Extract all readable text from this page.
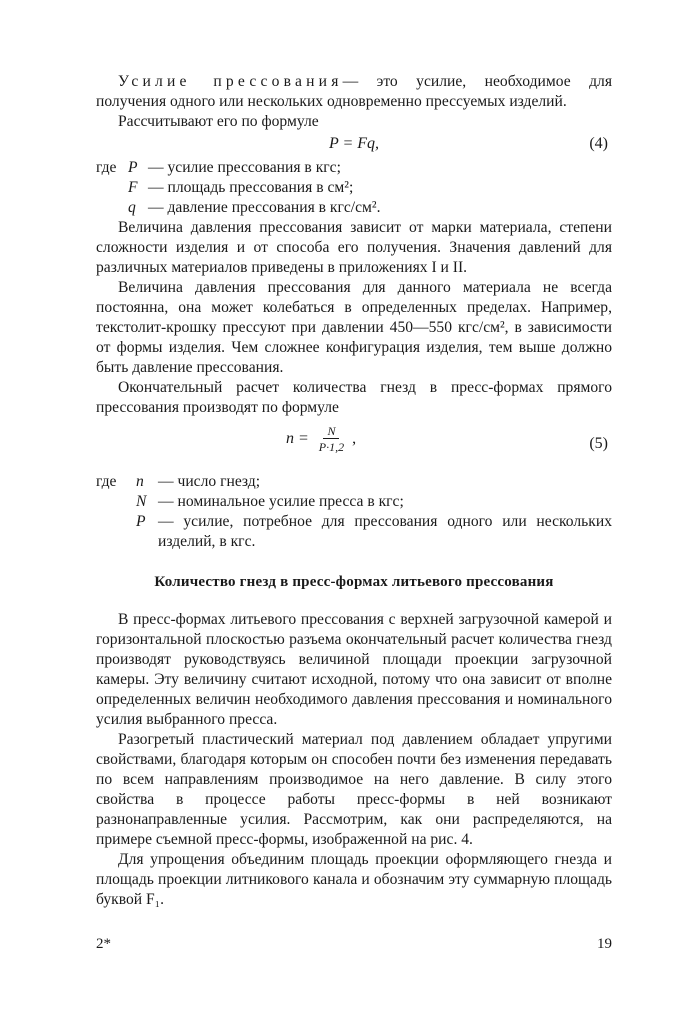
Усилие прессования— это усилие, необходимое для получения одного или нескольких одновременно прессуемых изделий.

Рассчитывают его по формуле

P = Fq,	(4)
где P — усилие прессования в кгс;
F — площадь прессования в см²;
q — давление прессования в кгс/см².

Величина давления прессования зависит от марки материала, степени сложности изделия и от способа его получения. Значения давлений для различных материалов приведены в приложениях I и II.

Величина давления прессования для данного материала не всегда постоянна, она может колебаться в определенных пределах. Например, текстолит-крошку прессуют при давлении 450—550 кгс/см², в зависимости от формы изделия. Чем сложнее конфигурация изделия, тем выше должно быть давление прессования.

Окончательный расчет количества гнезд в пресс-формах прямого прессования производят по формуле

$n = \frac{N}{P\cdot 1,2}$ ,	(5)
где	n — число гнезд;
N — номинальное усилие пресса в кгс;
P — усилие, потребное для прессования одного или нескольких изделий, в кгс.
Количество гнезд в пресс-формах литьевого прессования

В пресс-формах литьевого прессования с верхней загрузочной камерой и горизонтальной плоскостью разъема окончательный расчет количества гнезд производят руководствуясь величиной площади проекции загрузочной камеры. Эту величину считают исходной, потому что она зависит от вполне определенных величин необходимого давления прессования и номинального усилия выбранного пресса.

Разогретый пластический материал под давлением обладает упругими свойствами, благодаря которым он способен почти без изменения передавать по всем направлениям производимое на него давление. В силу этого свойства в процессе работы пресс-формы в ней возникают разнонаправленные усилия. Рассмотрим, как они распределяются, на примере съемной пресс-формы, изображенной на рис. 4.

Для упрощения объединим площадь проекции оформляющего гнезда и площадь проекции литникового канала и обозначим эту суммарную площадь буквой F₁.

2*	19
